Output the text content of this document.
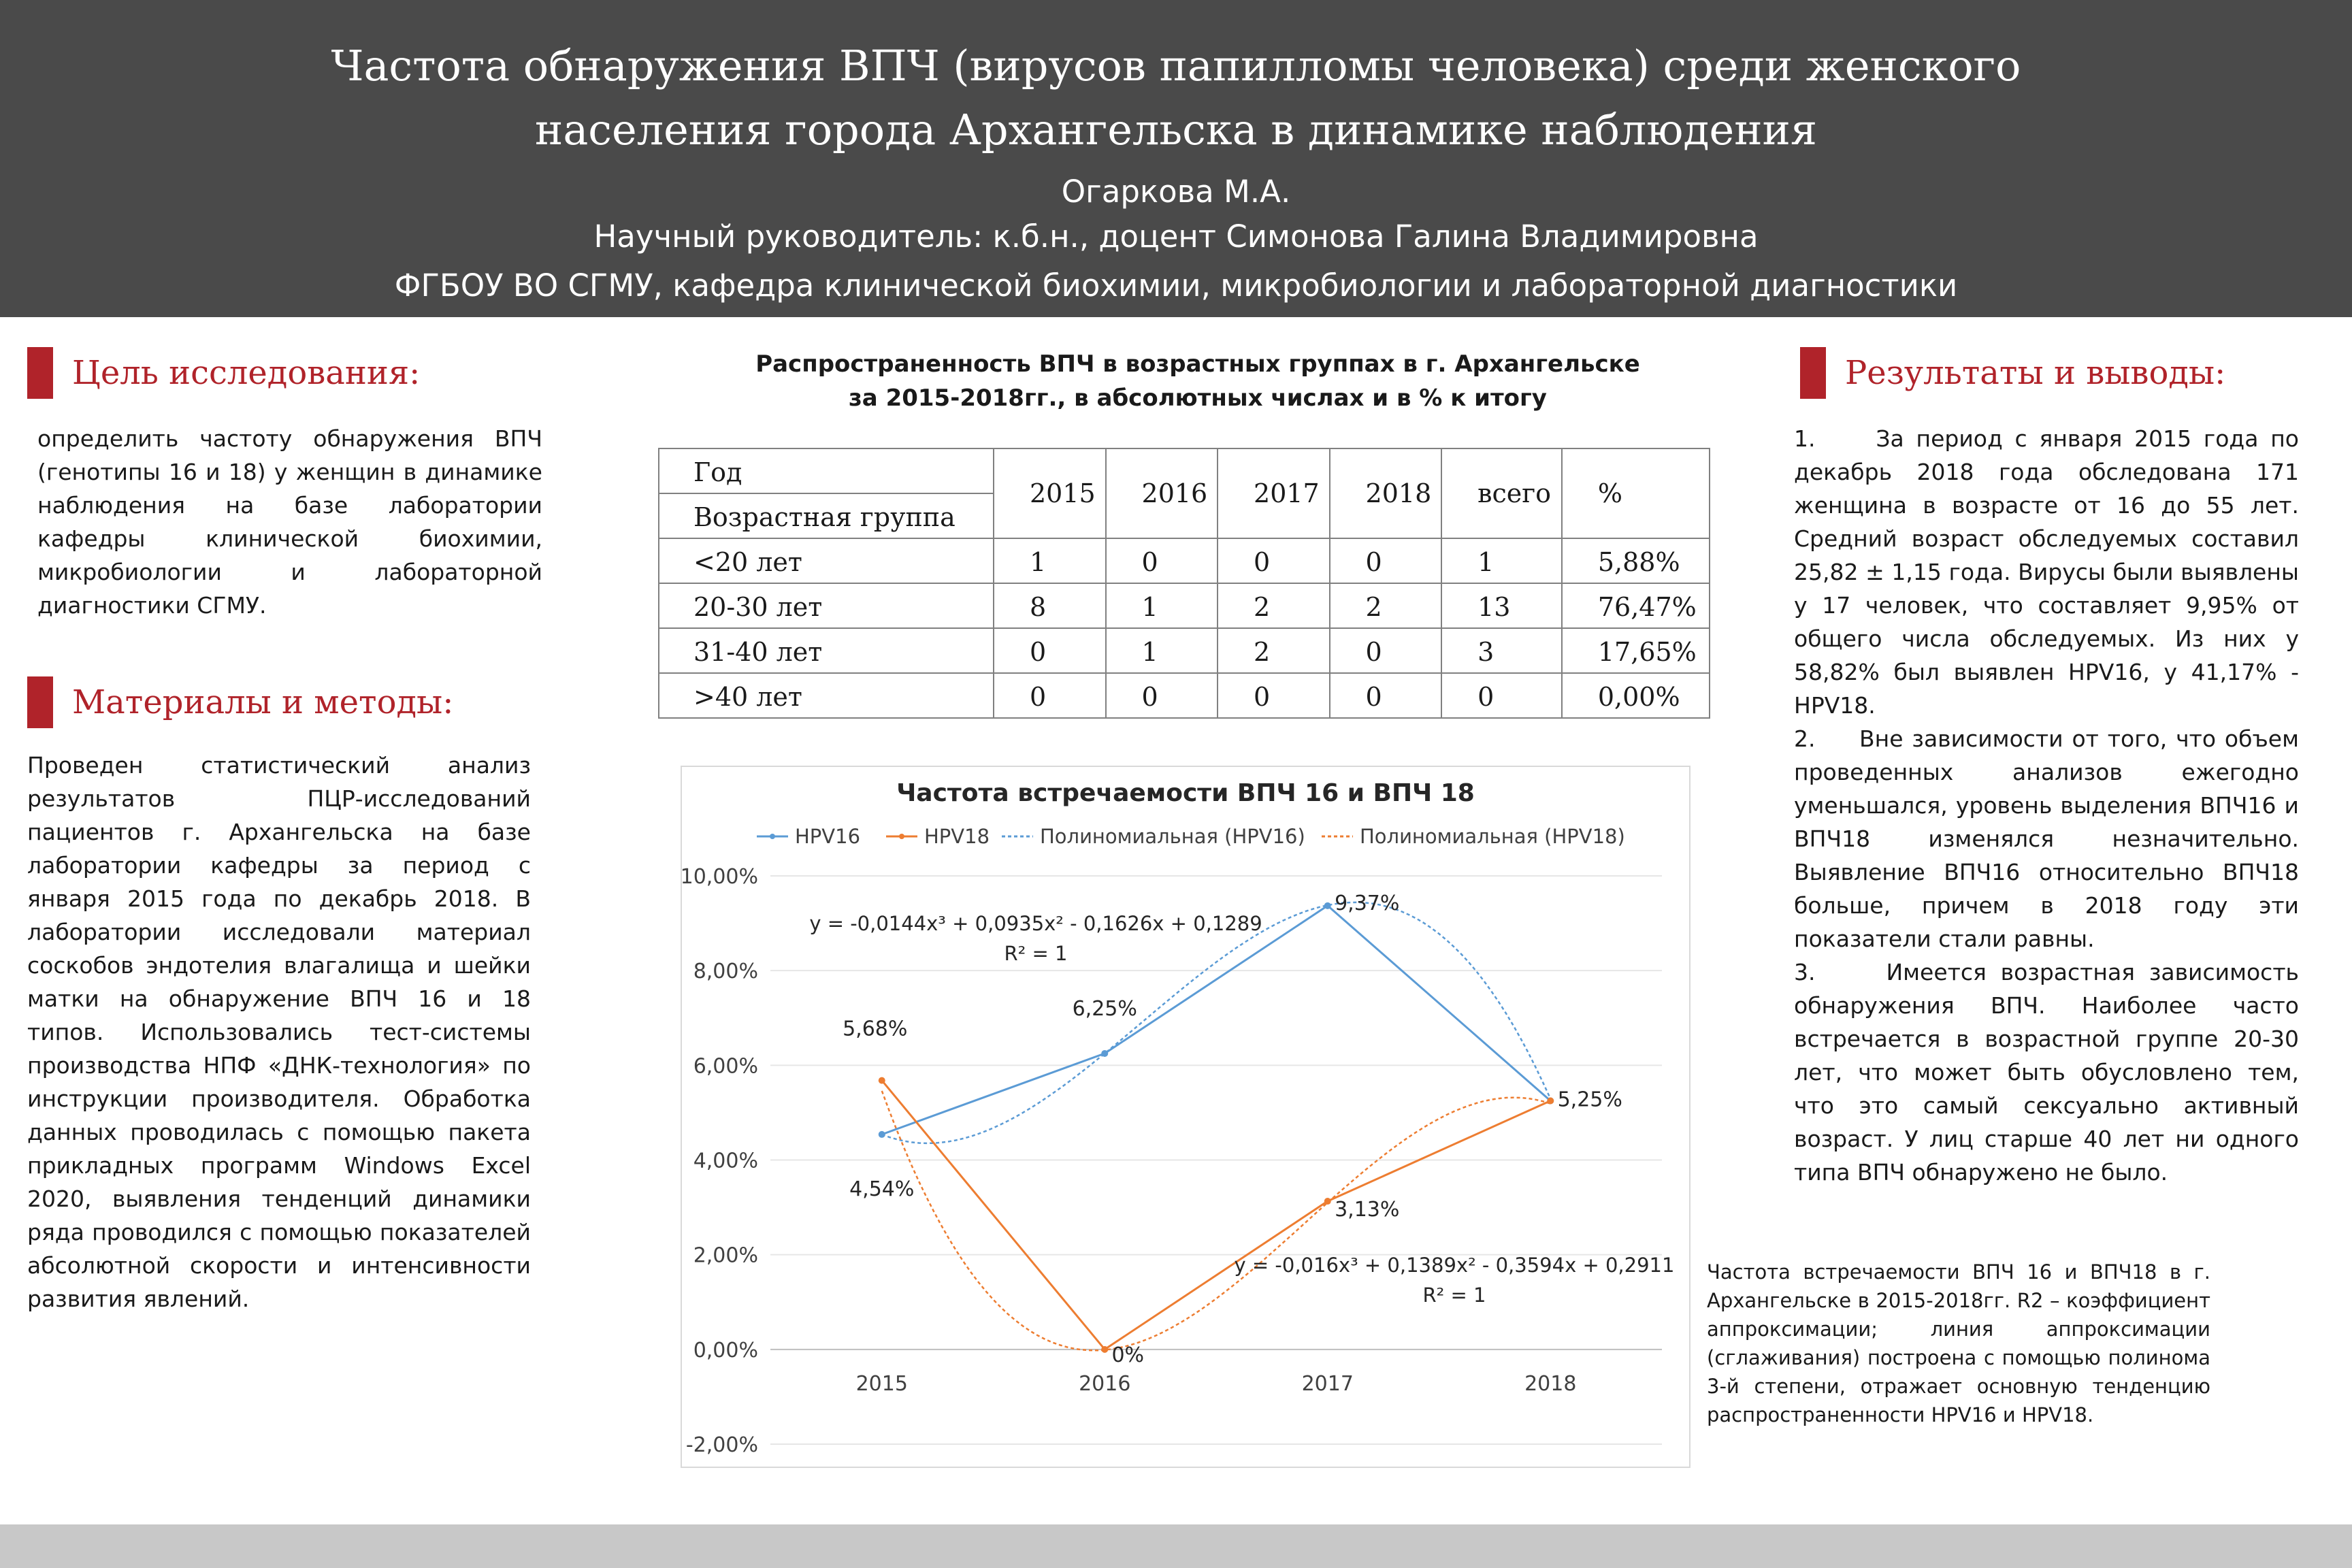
Частота обнаружения ВПЧ (вирусов папилломы человека) среди женского
населения города Архангельска в динамике наблюдения
Огаркова М.А.
Научный руководитель: к.б.н., доцент Симонова Галина Владимировна
ФГБОУ ВО СГМУ, кафедра клинической биохимии, микробиологии и лабораторной диагностики
Цель исследования:
определить частоту обнаружения ВПЧ (генотипы 16 и 18) у женщин в динамике наблюдения на базе лаборатории кафедры клинической биохимии, микробиологии и лабораторной диагностики СГМУ.
Материалы и методы:
Проведен статистический анализ результатов ПЦР-исследований пациентов г. Архангельска на базе лаборатории кафедры за период с января 2015 года по декабрь 2018. В лаборатории исследовали материал соскобов эндотелия влагалища и шейки матки на обнаружение ВПЧ 16 и 18 типов. Использовались тест-системы производства НПФ «ДНК-технология» по инструкции производителя. Обработка данных проводилась с помощью пакета прикладных программ Windows Excel 2020, выявления тенденций динамики ряда проводился с помощью показателей абсолютной скорости и интенсивности развития явлений.
Распространенность ВПЧ в возрастных группах в г. Архангельске
за 2015-2018гг., в абсолютных числах и в % к итогу
Год	2015	2016	2017	2018	всего	%
Возрастная группа						
<20 лет	1	0	0	0	1	5,88%
20-30 лет	8	1	2	2	13	76,47%
31-40 лет	0	1	2	0	3	17,65%
>40 лет	0	0	0	0	0	0,00%
Частота встречаемости ВПЧ 16 и ВПЧ 18
HPV16	HPV18	Полиномиальная (HPV16)	Полиномиальная (HPV18)
-2,00%
0,00%
2,00%
4,00%
6,00%
8,00%
10,00%
2015	2016	2017	2018
4,54%
6,25%
9,37%
5,25%
5,68%
0%
3,13%
y = -0,0144x³ + 0,0935x² - 0,1626x + 0,1289
R² = 1
y = -0,016x³ + 0,1389x² - 0,3594x + 0,2911
R² = 1
Частота встречаемости ВПЧ 16 и ВПЧ18 в г. Архангельске в 2015-2018гг. R2 – коэффициент аппроксимации; линия аппроксимации (сглаживания) построена с помощью полинома 3-й степени, отражает основную тенденцию распространенности HPV16 и HPV18.
Результаты и выводы:

1.     За период с января 2015 года по декабрь 2018 года обследована 171 женщина в возрасте от 16 до 55 лет. Средний возраст обследуемых составил 25,82 ± 1,15 года. Вирусы были выявлены у 17 человек, что составляет 9,95% от общего числа обследуемых. Из них у 58,82% был выявлен HPV16, у 41,17% - HPV18.

2.     Вне зависимости от того, что объем проведенных анализов ежегодно уменьшался, уровень выделения ВПЧ16 и ВПЧ18 изменялся незначительно. Выявление ВПЧ16 относительно ВПЧ18 больше, причем в 2018 году эти показатели стали равны.

3.     Имеется возрастная зависимость обнаружения ВПЧ. Наиболее часто встречается в возрастной группе 20-30 лет, что может быть обусловлено тем, что это самый сексуально активный возраст. У лиц старше 40 лет ни одного типа ВПЧ обнаружено не было.
